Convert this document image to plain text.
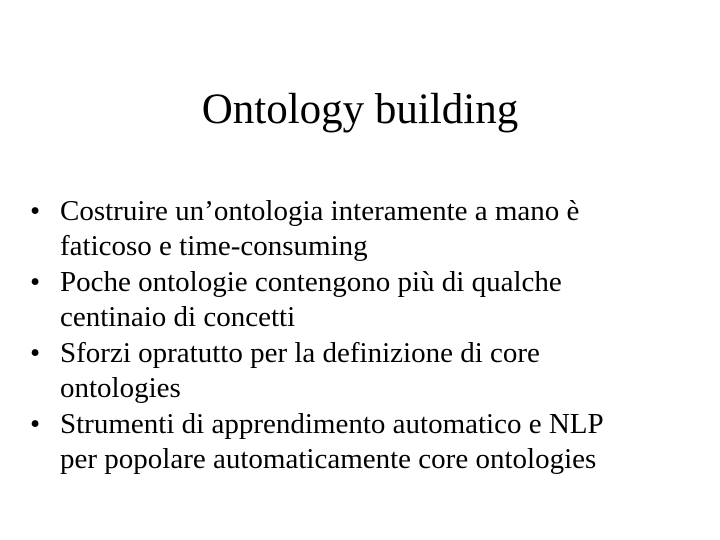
Ontology building
• Costruire un’ontologia interamente a mano è
faticoso e time-consuming
• Poche ontologie contengono più di qualche
centinaio di concetti
• Sforzi opratutto per la definizione di core
ontologies
• Strumenti di apprendimento automatico e NLP
per popolare automaticamente core ontologies
